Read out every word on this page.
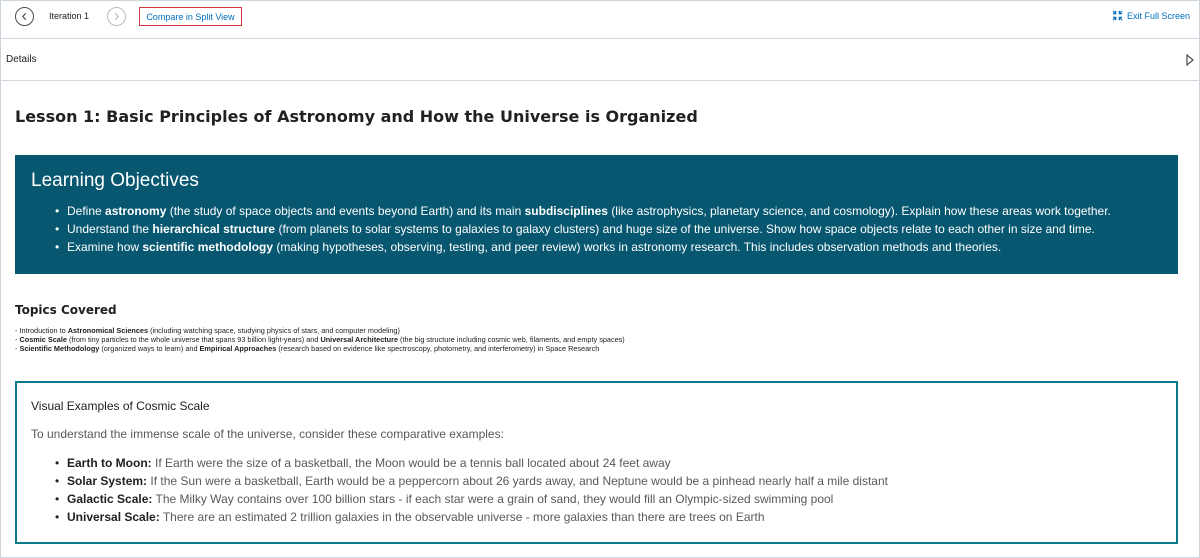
Iteration 1	Compare in Split View	Exit Full Screen
Details
Lesson 1: Basic Principles of Astronomy and How the Universe is Organized
Learning Objectives
• Define astronomy (the study of space objects and events beyond Earth) and its main subdisciplines (like astrophysics, planetary science, and cosmology). Explain how these areas work together.
• Understand the hierarchical structure (from planets to solar systems to galaxies to galaxy clusters) and huge size of the universe. Show how space objects relate to each other in size and time.
• Examine how scientific methodology (making hypotheses, observing, testing, and peer review) works in astronomy research. This includes observation methods and theories.
Topics Covered
- Introduction to Astronomical Sciences (including watching space, studying physics of stars, and computer modeling)
- Cosmic Scale (from tiny particles to the whole universe that spans 93 billion light-years) and Universal Architecture (the big structure including cosmic web, filaments, and empty spaces)
- Scientific Methodology (organized ways to learn) and Empirical Approaches (research based on evidence like spectroscopy, photometry, and interferometry) in Space Research
Visual Examples of Cosmic Scale

To understand the immense scale of the universe, consider these comparative examples:

• Earth to Moon: If Earth were the size of a basketball, the Moon would be a tennis ball located about 24 feet away
• Solar System: If the Sun were a basketball, Earth would be a peppercorn about 26 yards away, and Neptune would be a pinhead nearly half a mile distant
• Galactic Scale: The Milky Way contains over 100 billion stars - if each star were a grain of sand, they would fill an Olympic-sized swimming pool
• Universal Scale: There are an estimated 2 trillion galaxies in the observable universe - more galaxies than there are trees on Earth
